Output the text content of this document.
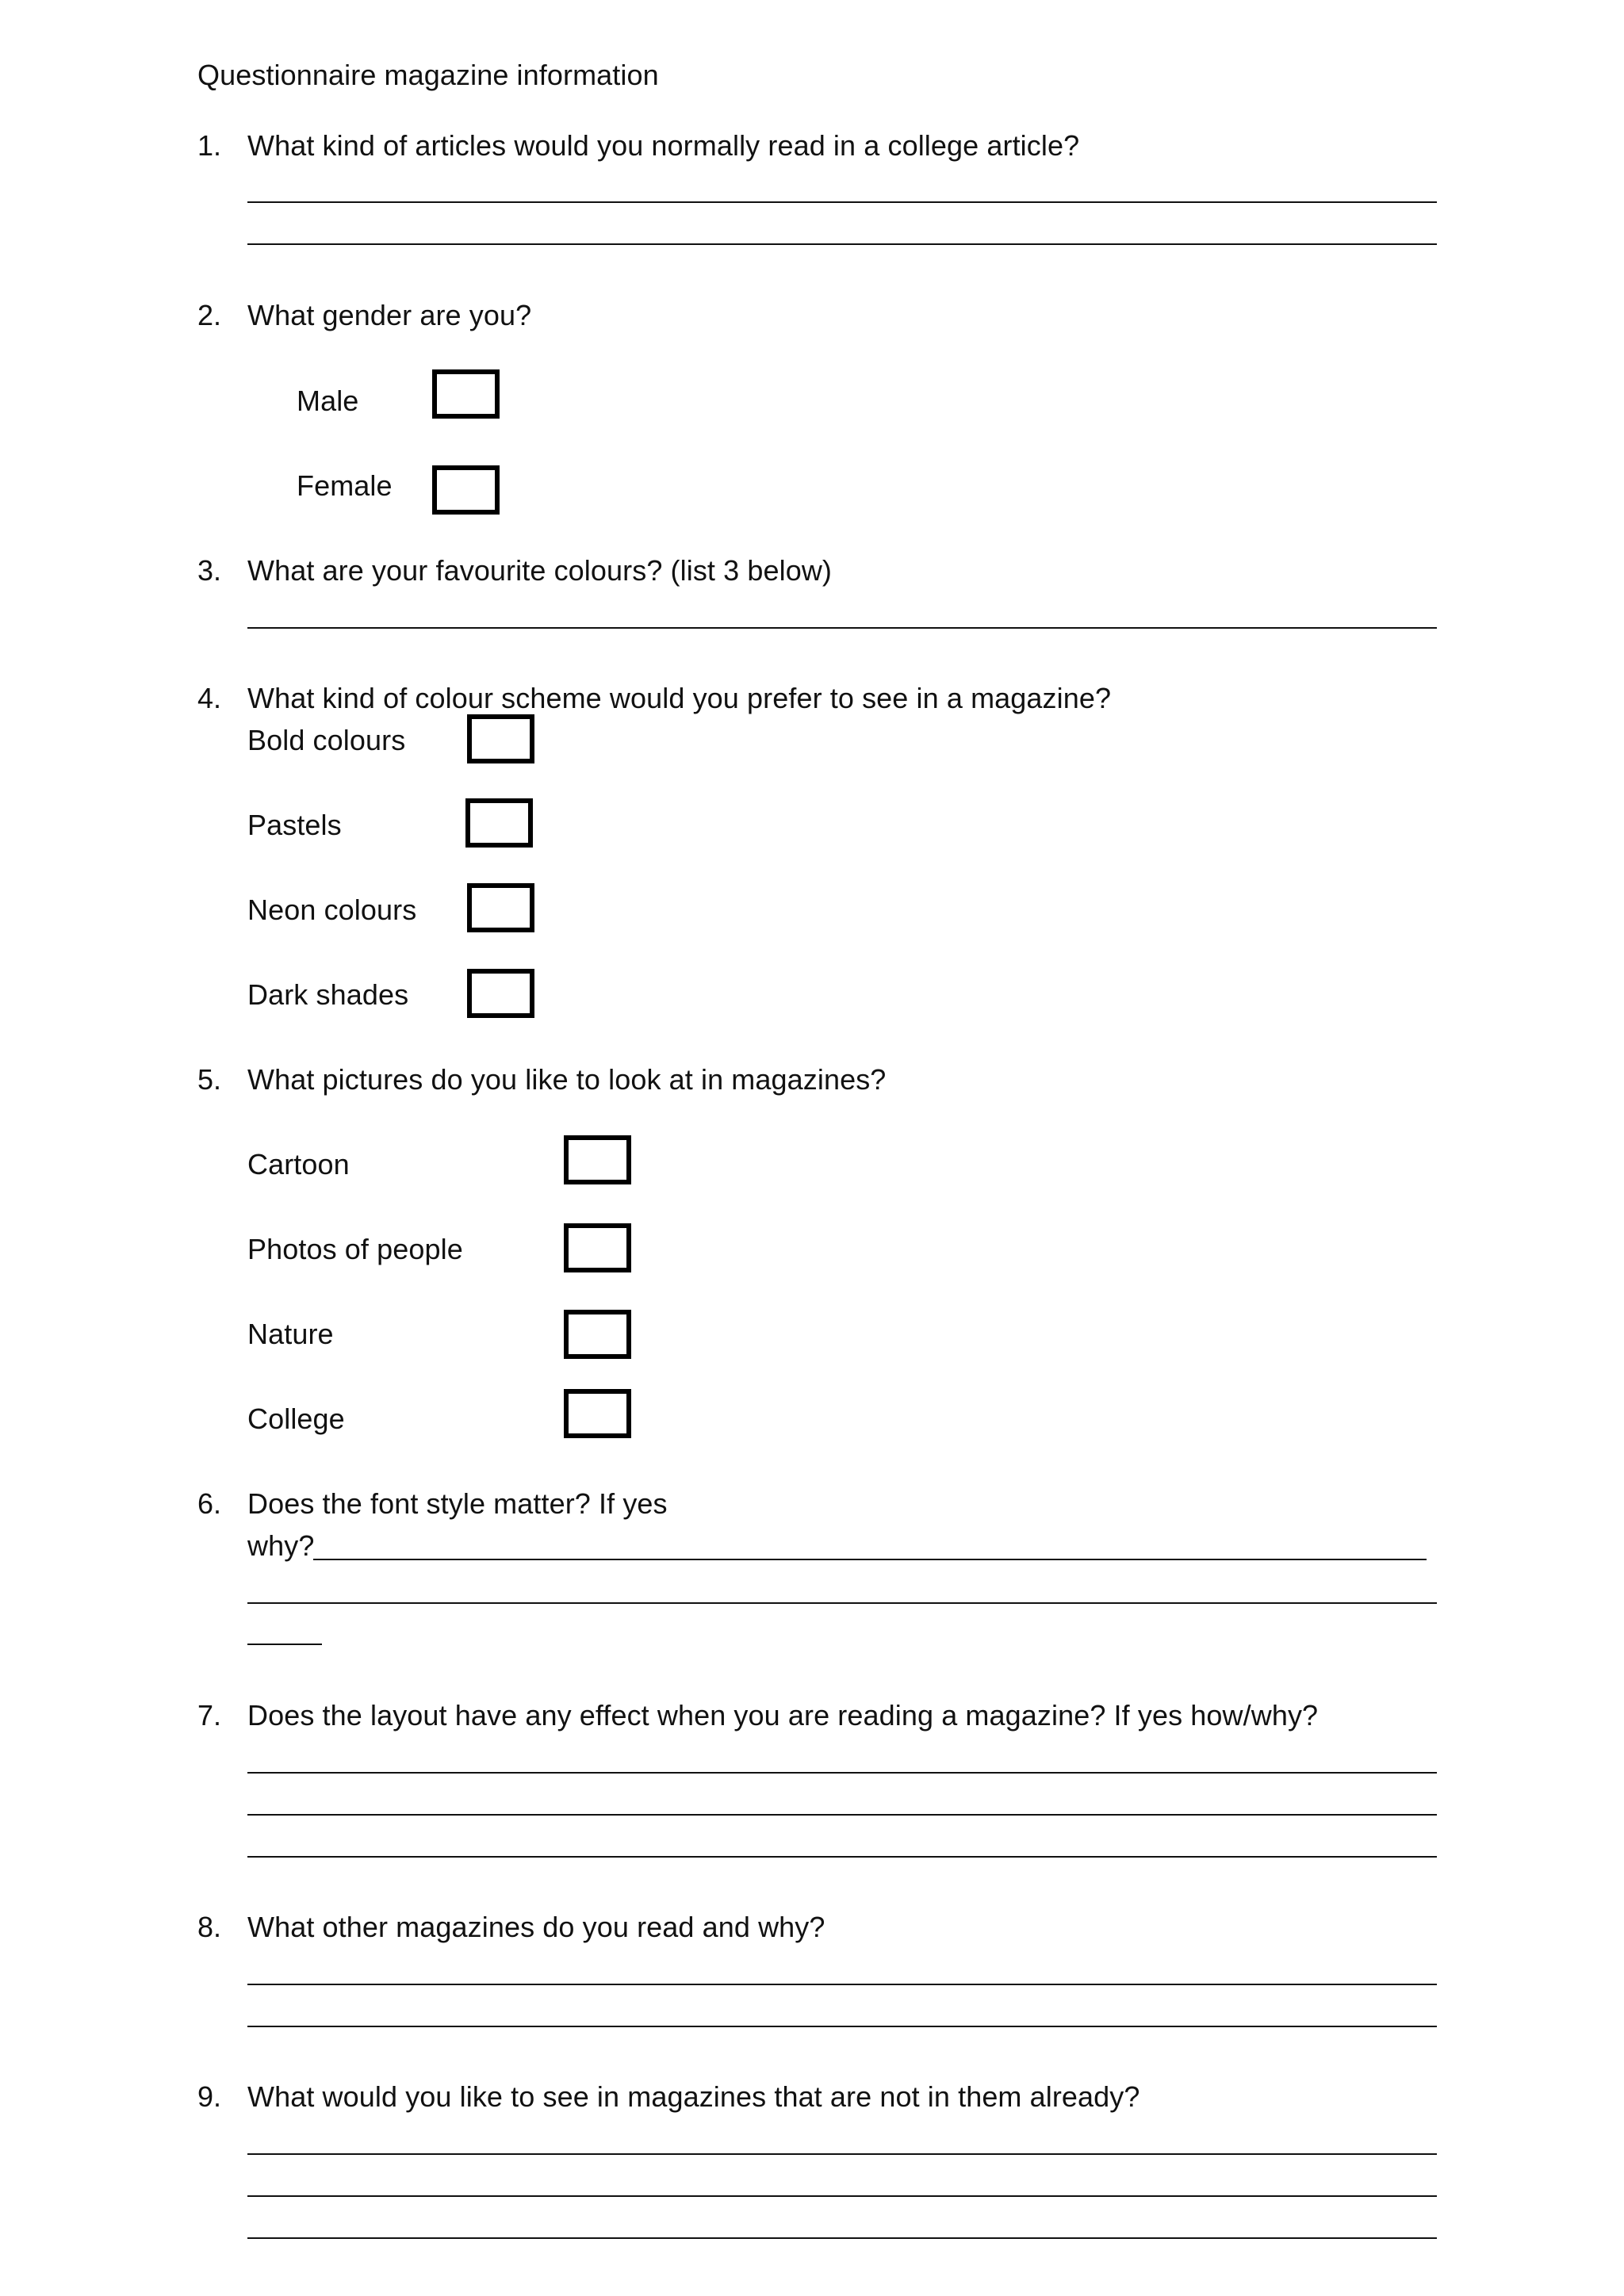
Questionnaire magazine information
1. What kind of articles would you normally read in a college article?
2. What gender are you?
Male
Female
3. What are your favourite colours? (list 3 below)
4. What kind of colour scheme would you prefer to see in a magazine?
Bold colours
Pastels
Neon colours
Dark shades
5. What pictures do you like to look at in magazines?
Cartoon
Photos of people
Nature
College
6. Does the font style matter? If yes
why?
7. Does the layout have any effect when you are reading a magazine? If yes how/why?
8. What other magazines do you read and why?
9. What would you like to see in magazines that are not in them already?
